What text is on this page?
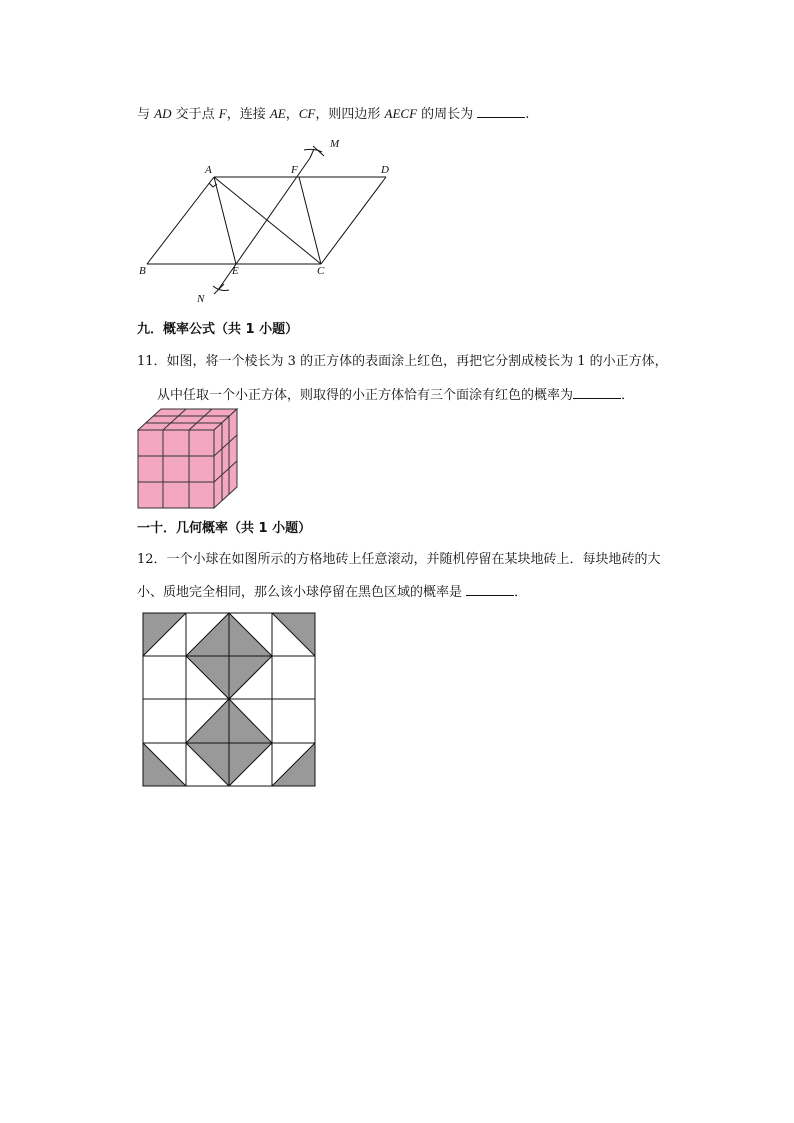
与 AD 交于点 F，连接 AE，CF，则四边形 AECF 的周长为	.
A	F	D
M
B	E	C
N
九．概率公式（共 1 小题）
11．如图，将一个棱长为 3 的正方体的表面涂上红色，再把它分割成棱长为 1 的小正方体，
从中任取一个小正方体，则取得的小正方体恰有三个面涂有红色的概率为	．
一十．几何概率（共 1 小题）
12．一个小球在如图所示的方格地砖上任意滚动，并随机停留在某块地砖上．每块地砖的大
小、质地完全相同，那么该小球停留在黑色区域的概率是	．
